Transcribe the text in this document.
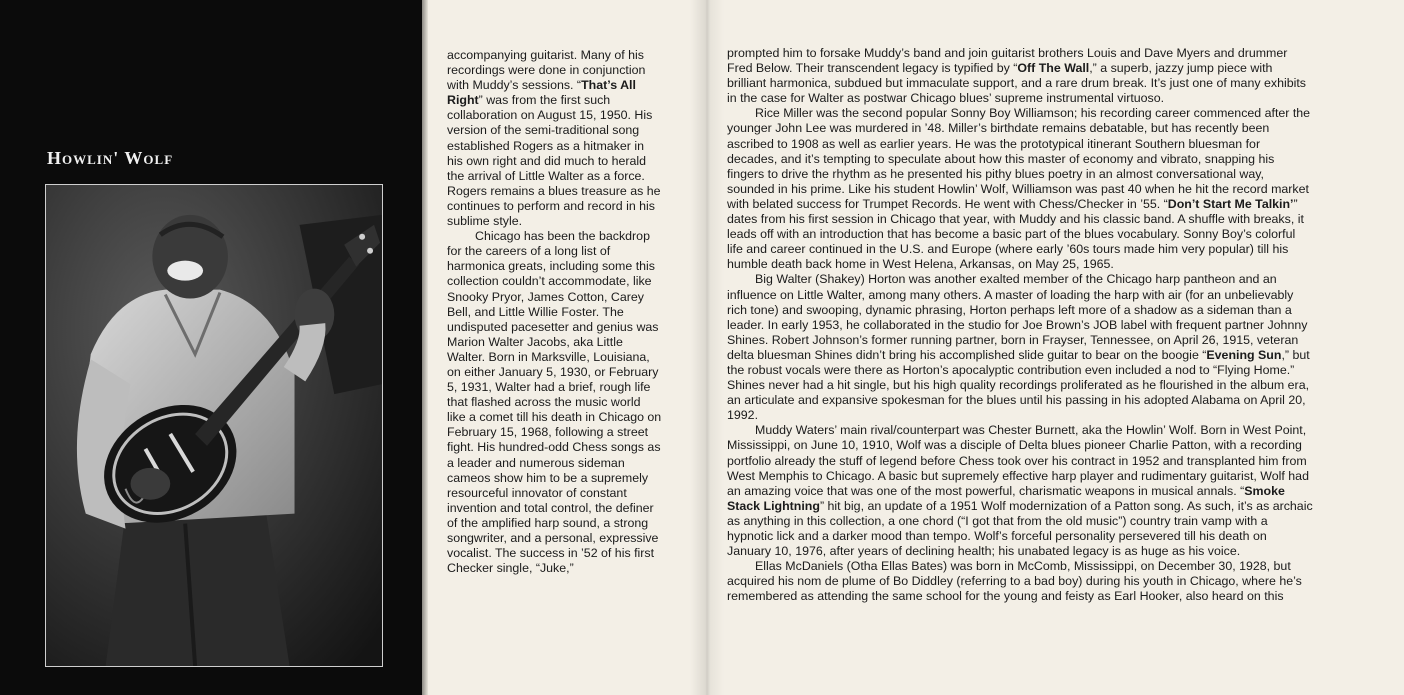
Howlin' Wolf

accompanying guitarist. Many of his recordings were done in conjunction with Muddy’s sessions. “That’s All Right” was from the first such collaboration on August 15, 1950. His version of the semi-traditional song established Rogers as a hitmaker in his own right and did much to herald the arrival of Little Walter as a force. Rogers remains a blues treasure as he continues to perform and record in his sublime style.

Chicago has been the backdrop for the careers of a long list of harmonica greats, including some this collection couldn’t accommodate, like Snooky Pryor, James Cotton, Carey Bell, and Little Willie Foster. The undisputed pacesetter and genius was Marion Walter Jacobs, aka Little Walter. Born in Marksville, Louisiana, on either January 5, 1930, or February 5, 1931, Walter had a brief, rough life that flashed across the music world like a comet till his death in Chicago on February 15, 1968, following a street fight. His hundred-odd Chess songs as a leader and numerous sideman cameos show him to be a supremely resourceful innovator of constant invention and total control, the definer of the amplified harp sound, a strong songwriter, and a personal, expressive vocalist. The success in ’52 of his first Checker single, “Juke,”

prompted him to forsake Muddy’s band and join guitarist brothers Louis and Dave Myers and drummer Fred Below. Their transcendent legacy is typified by “Off The Wall,” a superb, jazzy jump piece with brilliant harmonica, subdued but immaculate support, and a rare drum break. It’s just one of many exhibits in the case for Walter as postwar Chicago blues’ supreme instrumental virtuoso.

Rice Miller was the second popular Sonny Boy Williamson; his recording career commenced after the younger John Lee was murdered in ’48. Miller’s birthdate remains debatable, but has recently been ascribed to 1908 as well as earlier years. He was the prototypical itinerant Southern bluesman for decades, and it’s tempting to speculate about how this master of economy and vibrato, snapping his fingers to drive the rhythm as he presented his pithy blues poetry in an almost conversational way, sounded in his prime. Like his student Howlin’ Wolf, Williamson was past 40 when he hit the record market with belated success for Trumpet Records. He went with Chess/Checker in ’55. “Don’t Start Me Talkin’” dates from his first session in Chicago that year, with Muddy and his classic band. A shuffle with breaks, it leads off with an introduction that has become a basic part of the blues vocabulary. Sonny Boy’s colorful life and career continued in the U.S. and Europe (where early ’60s tours made him very popular) till his humble death back home in West Helena, Arkansas, on May 25, 1965.

Big Walter (Shakey) Horton was another exalted member of the Chicago harp pantheon and an influence on Little Walter, among many others. A master of loading the harp with air (for an unbelievably rich tone) and swooping, dynamic phrasing, Horton perhaps left more of a shadow as a sideman than a leader. In early 1953, he collaborated in the studio for Joe Brown’s JOB label with frequent partner Johnny Shines. Robert Johnson’s former running partner, born in Frayser, Tennessee, on April 26, 1915, veteran delta bluesman Shines didn’t bring his accomplished slide guitar to bear on the boogie “Evening Sun,” but the robust vocals were there as Horton’s apocalyptic contribution even included a nod to “Flying Home.” Shines never had a hit single, but his high quality recordings proliferated as he flourished in the album era, an articulate and expansive spokesman for the blues until his passing in his adopted Alabama on April 20, 1992.

Muddy Waters’ main rival/counterpart was Chester Burnett, aka the Howlin’ Wolf. Born in West Point, Mississippi, on June 10, 1910, Wolf was a disciple of Delta blues pioneer Charlie Patton, with a recording portfolio already the stuff of legend before Chess took over his contract in 1952 and transplanted him from West Memphis to Chicago. A basic but supremely effective harp player and rudimentary guitarist, Wolf had an amazing voice that was one of the most powerful, charismatic weapons in musical annals. “Smoke Stack Lightning” hit big, an update of a 1951 Wolf modernization of a Patton song. As such, it’s as archaic as anything in this collection, a one chord (“I got that from the old music”) country train vamp with a hypnotic lick and a darker mood than tempo. Wolf’s forceful personality persevered till his death on January 10, 1976, after years of declining health; his unabated legacy is as huge as his voice.

Ellas McDaniels (Otha Ellas Bates) was born in McComb, Mississippi, on December 30, 1928, but acquired his nom de plume of Bo Diddley (referring to a bad boy) during his youth in Chicago, where he’s remembered as attending the same school for the young and feisty as Earl Hooker, also heard on this
